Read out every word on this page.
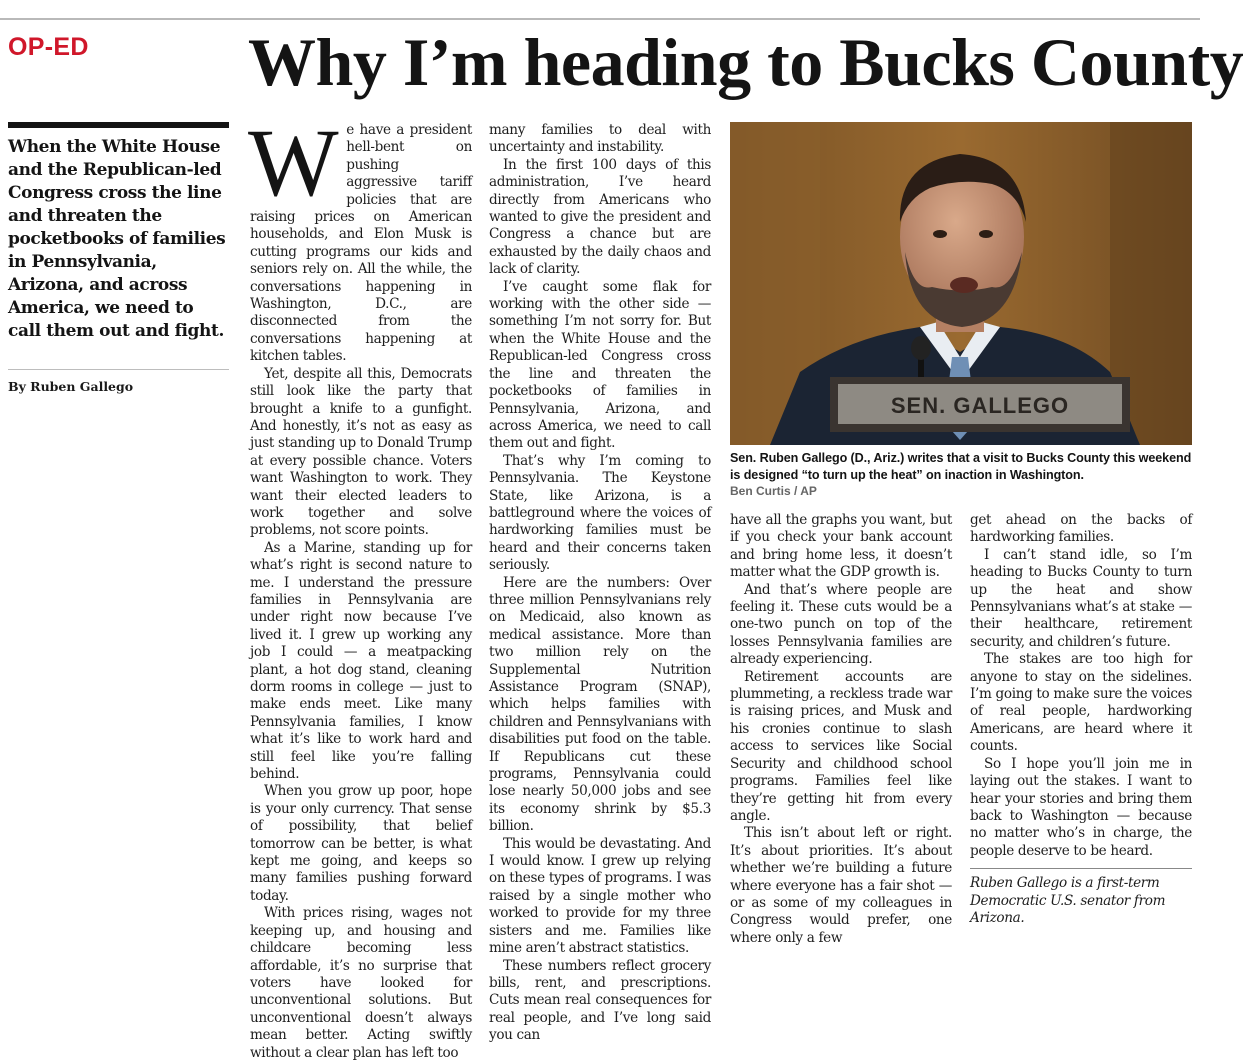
OP-ED Why I’m heading to Bucks County

When the White House and the Republican-led Congress cross the line and threaten the pocketbooks of families in Pennsylvania, Arizona, and across America, we need to call them out and fight.

By Ruben Gallego

We have a president hell-bent on pushing aggressive tariff policies that are raising prices on American households, and Elon Musk is cutting programs our kids and seniors rely on. All the while, the conversations happening in Washington, D.C., are disconnected from the conversations happening at kitchen tables.

Yet, despite all this, Democrats still look like the party that brought a knife to a gunfight. And honestly, it’s not as easy as just standing up to Donald Trump at every possible chance. Voters want Washington to work. They want their elected leaders to work together and solve problems, not score points.

As a Marine, standing up for what’s right is second nature to me. I understand the pressure families in Pennsylvania are under right now because I’ve lived it. I grew up working any job I could — a meatpacking plant, a hot dog stand, cleaning dorm rooms in college — just to make ends meet. Like many Pennsylvania families, I know what it’s like to work hard and still feel like you’re falling behind.

When you grow up poor, hope is your only currency. That sense of possibility, that belief tomorrow can be better, is what kept me going, and keeps so many families pushing forward today.

With prices rising, wages not keeping up, and housing and childcare becoming less affordable, it’s no surprise that voters have looked for unconventional solutions. But unconventional doesn’t always mean better. Acting swiftly without a clear plan has left too

many families to deal with uncertainty and instability.

In the first 100 days of this administration, I’ve heard directly from Americans who wanted to give the president and Congress a chance but are exhausted by the daily chaos and lack of clarity.

I’ve caught some flak for working with the other side — something I’m not sorry for. But when the White House and the Republican-led Congress cross the line and threaten the pocketbooks of families in Pennsylvania, Arizona, and across America, we need to call them out and fight.

That’s why I’m coming to Pennsylvania. The Keystone State, like Arizona, is a battleground where the voices of hardworking families must be heard and their concerns taken seriously.

Here are the numbers: Over three million Pennsylvanians rely on Medicaid, also known as medical assistance. More than two million rely on the Supplemental Nutrition Assistance Program (SNAP), which helps families with children and Pennsylvanians with disabilities put food on the table. If Republicans cut these programs, Pennsylvania could lose nearly 50,000 jobs and see its economy shrink by $5.3 billion.

This would be devastating. And I would know. I grew up relying on these types of programs. I was raised by a single mother who worked to provide for my three sisters and me. Families like mine aren’t abstract statistics.

These numbers reflect grocery bills, rent, and prescriptions. Cuts mean real consequences for real people, and I’ve long said you can

SEN. GALLEGO

Sen. Ruben Gallego (D., Ariz.) writes that a visit to Bucks County this weekend is designed “to turn up the heat” on inaction in Washington.

Ben Curtis / AP

have all the graphs you want, but if you check your bank account and bring home less, it doesn’t matter what the GDP growth is.

And that’s where people are feeling it. These cuts would be a one-two punch on top of the losses Pennsylvania families are already experiencing.

Retirement accounts are plummeting, a reckless trade war is raising prices, and Musk and his cronies continue to slash access to services like Social Security and childhood school programs. Families feel like they’re getting hit from every angle.

This isn’t about left or right. It’s about priorities. It’s about whether we’re building a future where everyone has a fair shot — or as some of my colleagues in Congress would prefer, one where only a few

get ahead on the backs of hardworking families.

I can’t stand idle, so I’m heading to Bucks County to turn up the heat and show Pennsylvanians what’s at stake — their healthcare, retirement security, and children’s future.

The stakes are too high for anyone to stay on the sidelines. I’m going to make sure the voices of real people, hardworking Americans, are heard where it counts.

So I hope you’ll join me in laying out the stakes. I want to hear your stories and bring them back to Washington — because no matter who’s in charge, the people deserve to be heard.

Ruben Gallego is a first-term Democratic U.S. senator from Arizona.
